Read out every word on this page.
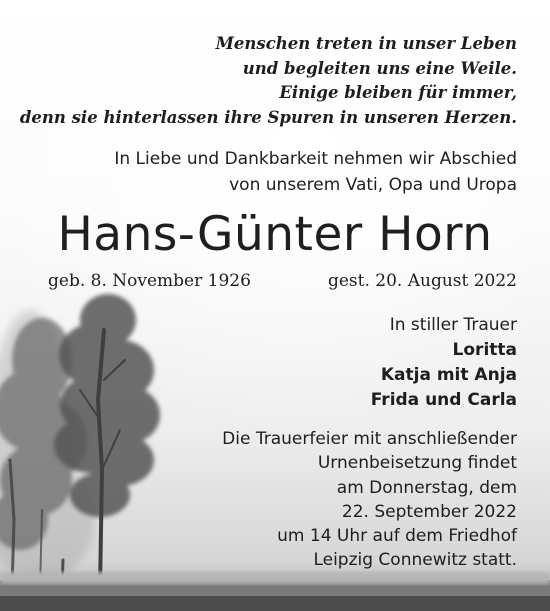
Menschen treten in unser Leben
und begleiten uns eine Weile.
Einige bleiben für immer,
denn sie hinterlassen ihre Spuren in unseren Herzen.

In Liebe und Dankbarkeit nehmen wir Abschied
von unserem Vati, Opa und Uropa

Hans-Günter Horn

geb. 8. November 1926	gest. 20. August 2022

In stiller Trauer
Loritta
Katja mit Anja
Frida und Carla

Die Trauerfeier mit anschließender
Urnenbeisetzung findet
am Donnerstag, dem
22. September 2022
um 14 Uhr auf dem Friedhof
Leipzig Connewitz statt.
